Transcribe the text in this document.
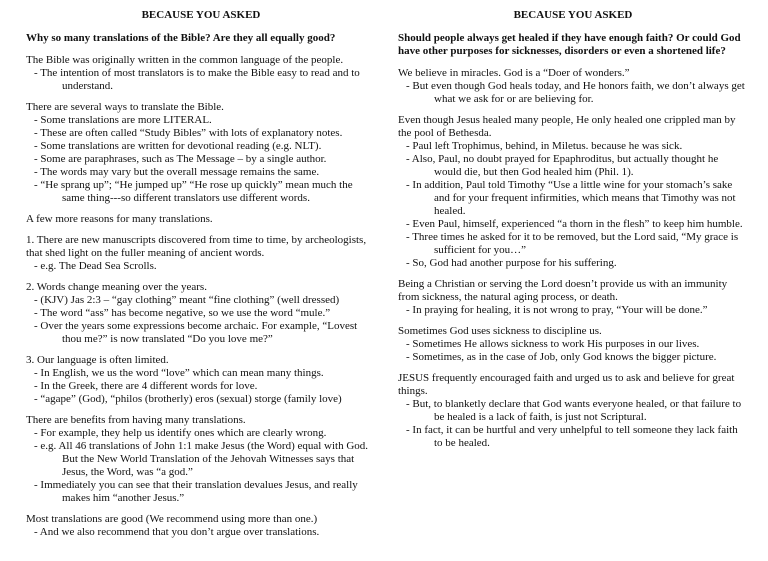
BECAUSE YOU ASKED
Why so many translations of the Bible? Are they all equally good?
The Bible was originally written in the common language of the people.
- The intention of most translators is to make the Bible easy to read and to understand.
There are several ways to translate the Bible.
- Some translations are more LITERAL.
- These are often called “Study Bibles” with lots of explanatory notes.
- Some translations are written for devotional reading (e.g. NLT).
- Some are paraphrases, such as The Message – by a single author.
- The words may vary but the overall message remains the same.
- “He sprang up”; “He jumped up” “He rose up quickly” mean much the same thing---so different translators use different words.
A few more reasons for many translations.
1. There are new manuscripts discovered from time to time, by archeologists, that shed light on the fuller meaning of ancient words.
- e.g. The Dead Sea Scrolls.
2. Words change meaning over the years.
- (KJV) Jas 2:3 – “gay clothing” meant “fine clothing” (well dressed)
- The word “ass” has become negative, so we use the word “mule.”
- Over the years some expressions become archaic. For example, “Lovest thou me?” is now translated “Do you love me?”
3. Our language is often limited.
- In English, we us the word “love” which can mean many things.
- In the Greek, there are 4 different words for love.
- “agape” (God), “philos (brotherly) eros (sexual) storge (family love)
There are benefits from having many translations.
- For example, they help us identify ones which are clearly wrong.
- e.g. All 46 translations of John 1:1 make Jesus (the Word) equal with God. But the New World Translation of the Jehovah Witnesses says that Jesus, the Word, was “a god.”
- Immediately you can see that their translation devalues Jesus, and really makes him “another Jesus.”
Most translations are good (We recommend using more than one.)
- And we also recommend that you don’t argue over translations.
BECAUSE YOU ASKED
Should people always get healed if they have enough faith? Or could God have other purposes for sicknesses, disorders or even a shortened life?
We believe in miracles. God is a “Doer of wonders.”
- But even though God heals today, and He honors faith, we don’t always get what we ask for or are believing for.
Even though Jesus healed many people, He only healed one crippled man by the pool of Bethesda.
- Paul left Trophimus, behind, in Miletus. because he was sick.
- Also, Paul, no doubt prayed for Epaphroditus, but actually thought he would die, but then God healed him (Phil. 1).
- In addition, Paul told Timothy “Use a little wine for your stomach’s sake and for your frequent infirmities, which means that Timothy was not healed.
- Even Paul, himself, experienced “a thorn in the flesh” to keep him humble.
- Three times he asked for it to be removed, but the Lord said, “My grace is sufficient for you…”
- So, God had another purpose for his suffering.
Being a Christian or serving the Lord doesn’t provide us with an immunity from sickness, the natural aging process, or death.
- In praying for healing, it is not wrong to pray, “Your will be done.”
Sometimes God uses sickness to discipline us.
- Sometimes He allows sickness to work His purposes in our lives.
- Sometimes, as in the case of Job, only God knows the bigger picture.
JESUS frequently encouraged faith and urged us to ask and believe for great things.
- But, to blanketly declare that God wants everyone healed, or that failure to be healed is a lack of faith, is just not Scriptural.
- In fact, it can be hurtful and very unhelpful to tell someone they lack faith to be healed.
